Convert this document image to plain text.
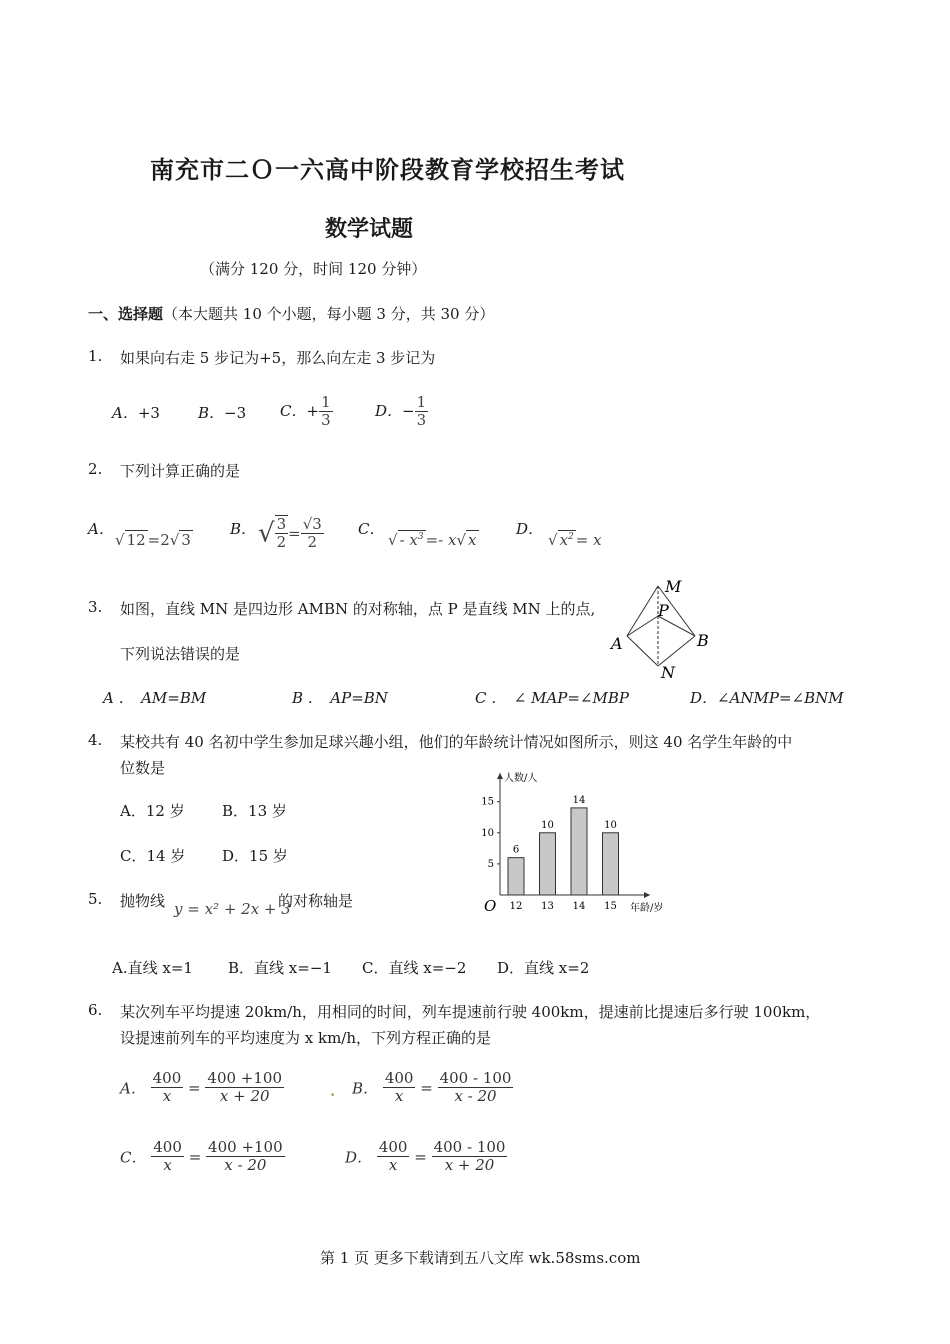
南充市二Ｏ一六高中阶段教育学校招生考试
数学试题
（满分 120 分，时间 120 分钟）
一、选择题（本大题共 10 个小题，每小题 3 分，共 30 分）
1. 如果向右走 5 步记为+5，那么向左走 3 步记为
A．+3	B．−3 C．+ $\frac{1}{3}$	D．− $\frac{1}{3}$
2. 下列计算正确的是
A．
√ 12 =2√ 3
B． √ $\frac{3}{2} = \frac{√3}{2}$ C．
√ - $x^3 =- x√$ x
D．
√ $x^2 = x$
3. 如图，直线 MN 是四边形 AMBN 的对称轴，点 P 是直线 MN 上的点,
下列说法错误的是
M
P
A	B
N
A ．　AM=BM	B ．　AP=BN	C ．　∠ MAP=∠MBP	D．∠ANMP=∠BNM
4. 某校共有 40 名初中学生参加足球兴趣小组，他们的年龄统计情况如图所示，则这 40 名学生年龄的中
位数是
A．12 岁 B．13 岁
C．14 岁 D．15 岁
人数/人
年龄/岁
O
5
10
15
6
12
10
13
14
14
10
15
5. 抛物线 y = x² + 2x + 3
的对称轴是
A.直线 x=1 B．直线 x=−1 C．直线 x=−2 D．直线 x=2
6. 某次列车平均提速 20km/h，用相同的时间，列车提速前行驶 400km，提速前比提速后多行驶 100km，
设提速前列车的平均速度为 x km/h，下列方程正确的是
A． $\frac{400}{x} = \frac{400 +100}{x + 20}$	. B． $\frac{400}{x} = \frac{400 - 100}{x - 20}$
C． $\frac{400}{x} = \frac{400 +100}{x - 20}$	D． $\frac{400}{x} = \frac{400 - 100}{x + 20}$
第 1 页 更多下载请到五八文库 wk.58sms.com
